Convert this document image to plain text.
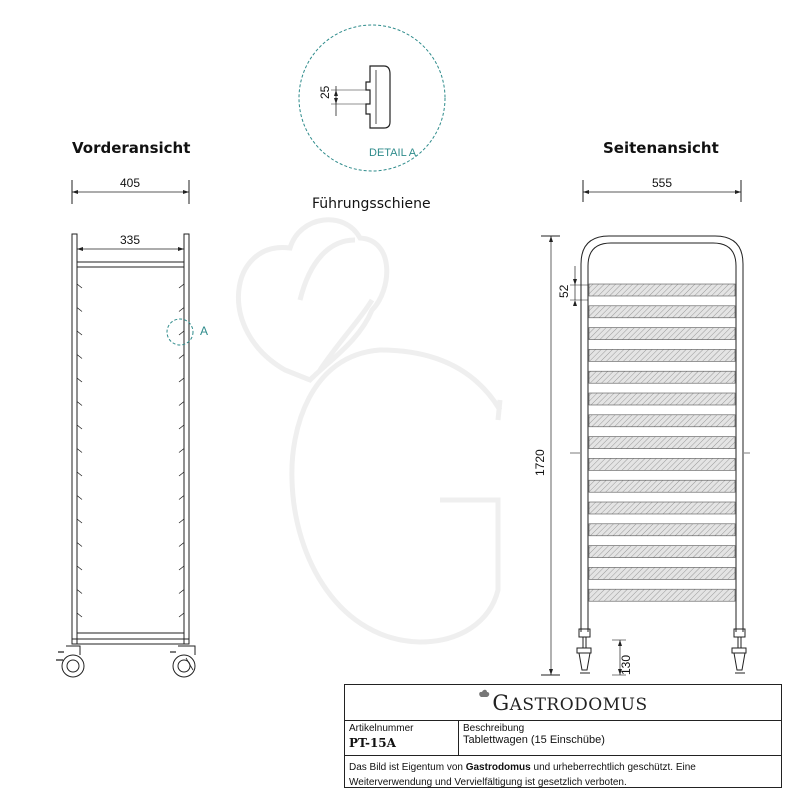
Vorderansicht	Seitenansicht
Führungsschiene
25
DETAIL A
405
335
A
555
1720
52
130
GASTRODOMUS
Artikelnummer
PT-15A
Beschreibung
Tablettwagen (15 Einschübe)
Das Bild ist Eigentum von Gastrodomus und urheberrechtlich geschützt. Eine Weiterverwendung und Vervielfältigung ist gesetzlich verboten.
